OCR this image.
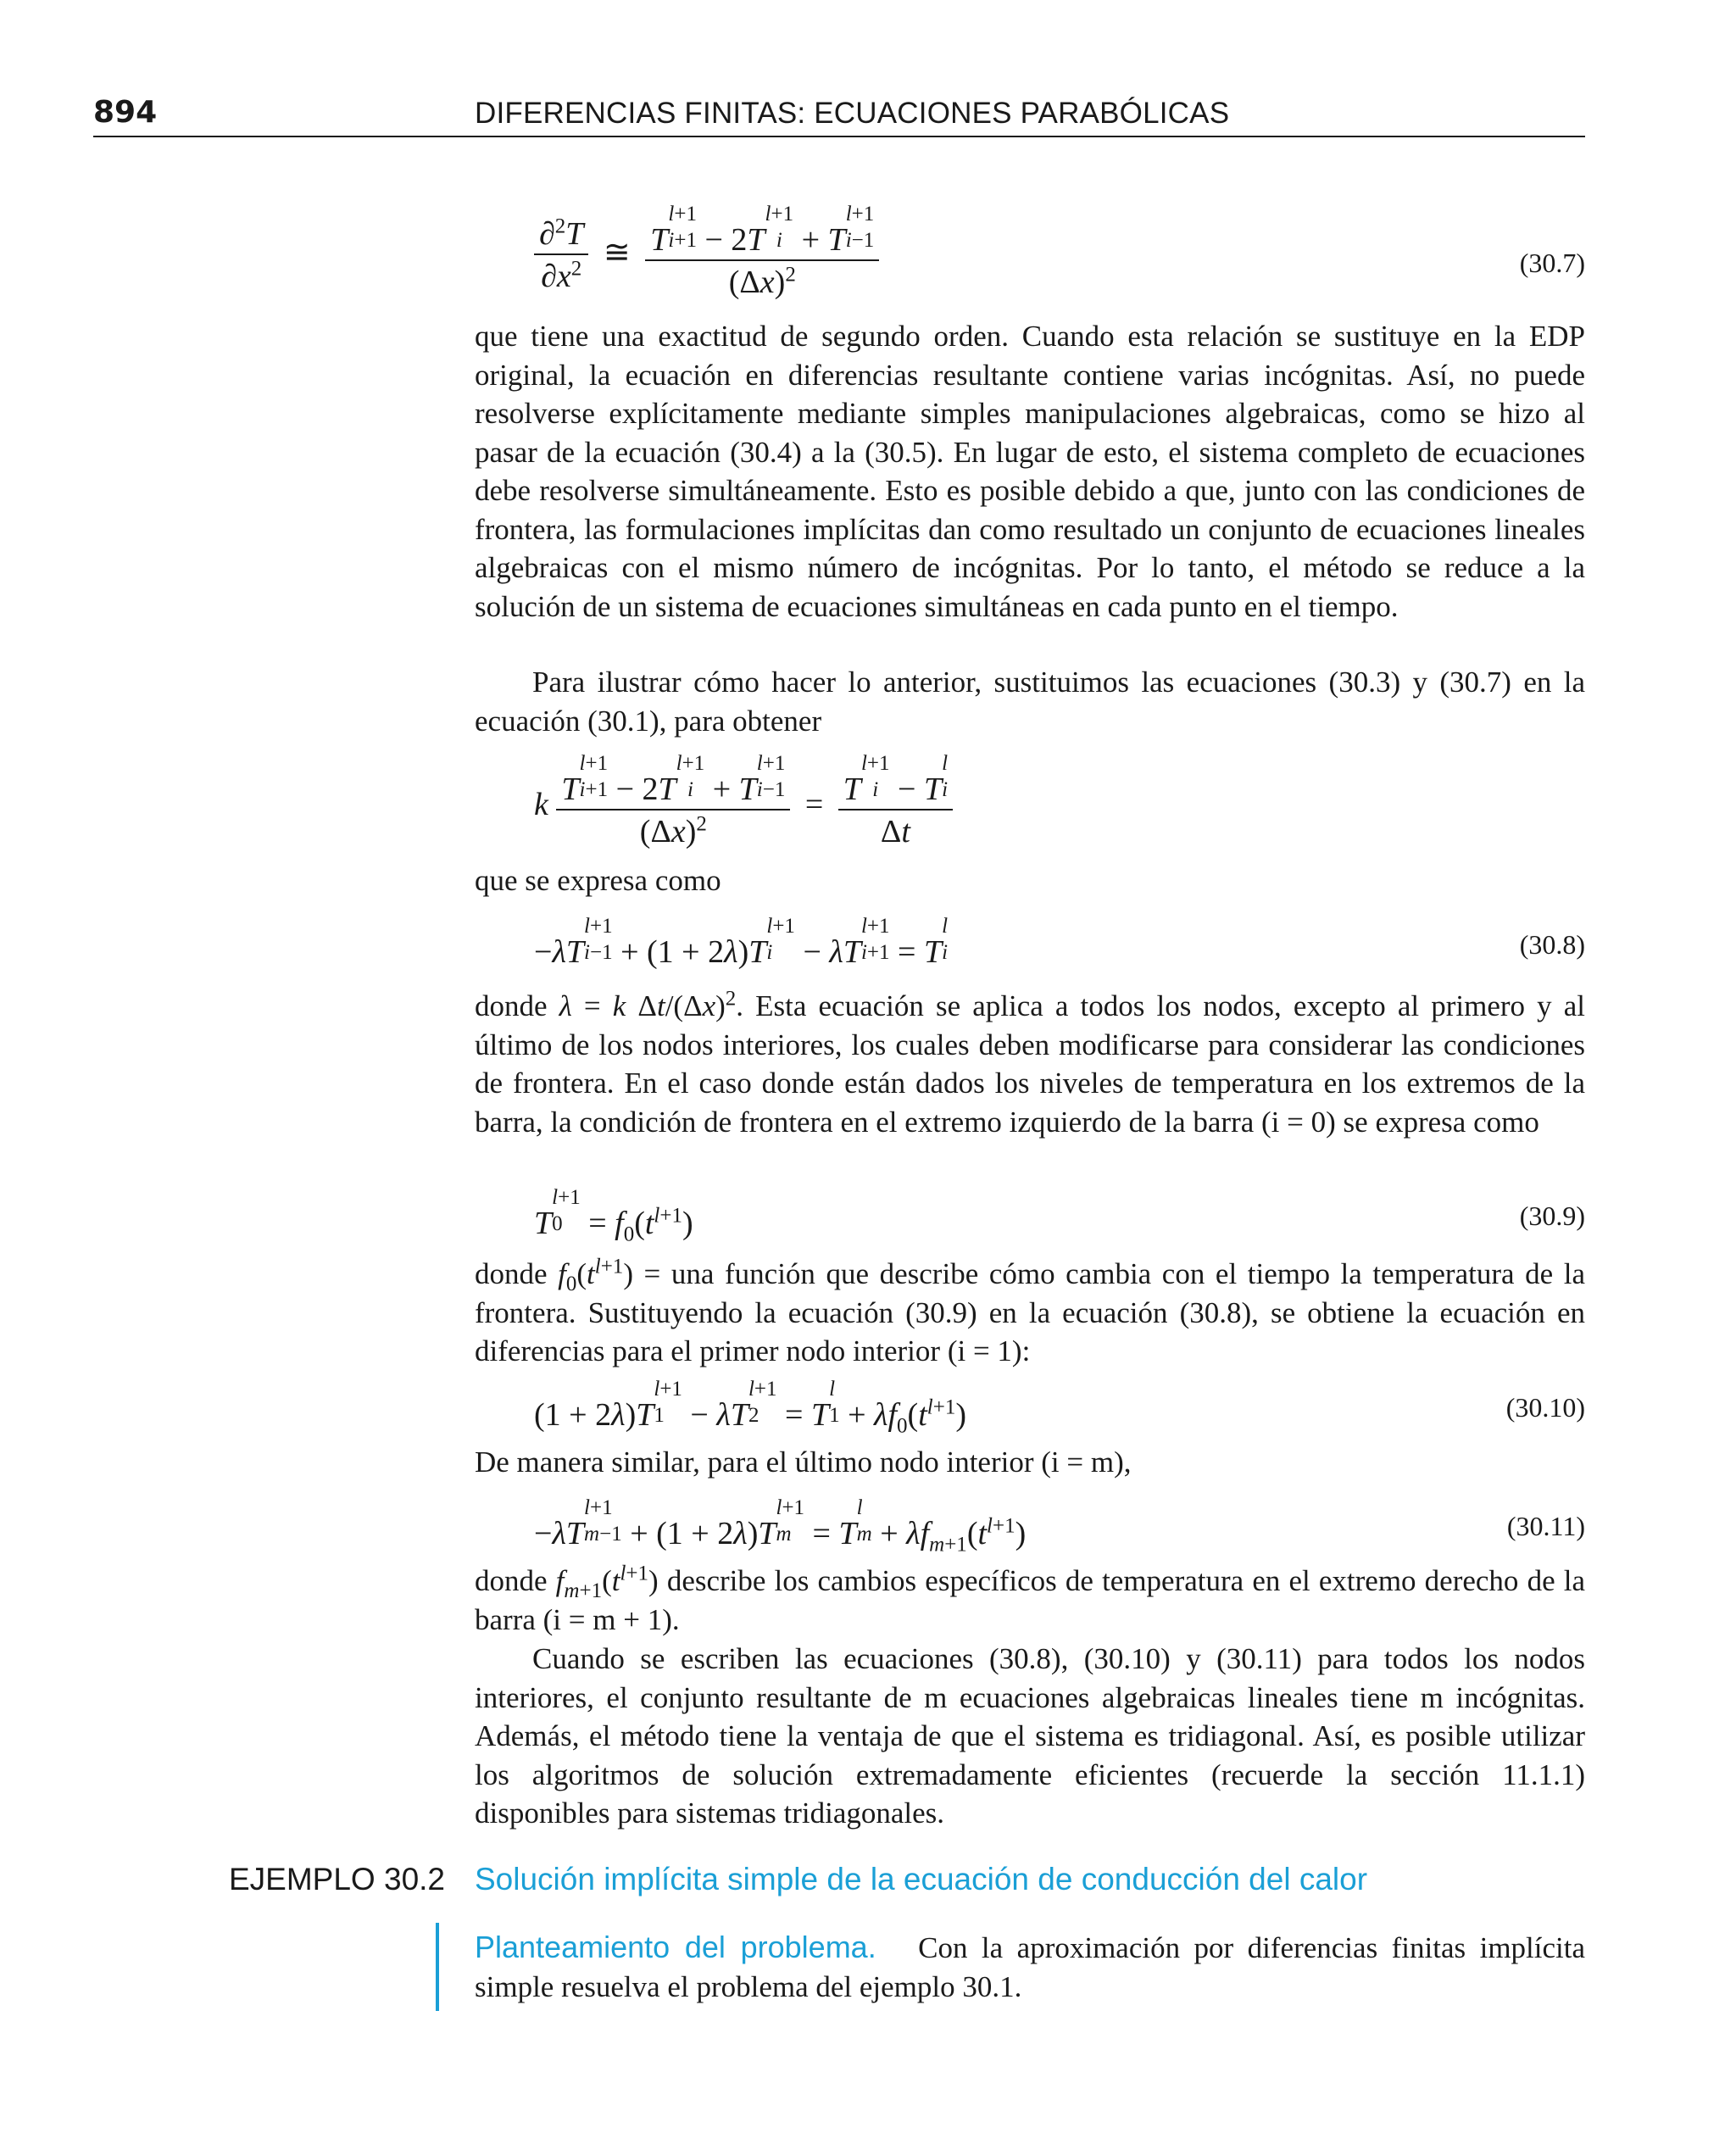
894	DIFERENCIAS FINITAS: ECUACIONES PARABÓLICAS
$\frac{\partial^2T}{\partial x^2}$ ≅ T
l+1
i+1 − 2T
l+1
i + T
l+1
i−1
$(\Delta x)^2$	(30.7)
que tiene una exactitud de segundo orden. Cuando esta relación se sustituye en la EDP original, la ecuación en diferencias resultante contiene varias incógnitas. Así, no puede resolverse explícitamente mediante simples manipulaciones algebraicas, como se hizo al pasar de la ecuación (30.4) a la (30.5). En lugar de esto, el sistema completo de ecuaciones debe resolverse simultáneamente. Esto es posible debido a que, junto con las condiciones de frontera, las formulaciones implícitas dan como resultado un conjunto de ecuaciones lineales algebraicas con el mismo número de incógnitas. Por lo tanto, el método se reduce a la solución de un sistema de ecuaciones simultáneas en cada punto en el tiempo.
Para ilustrar cómo hacer lo anterior, sustituimos las ecuaciones (30.3) y (30.7) en la ecuación (30.1), para obtener
k T
l+1
i+1 − 2T
l+1
i + T
l+1
i−1
$(\Delta x)^2 = T$
l+1
i − T
l
i
Δt
que se expresa como
−λT
l+1
i−1 + (1 + 2λ)T
l+1
i − λT
l+1
i+1 = T
l
i	(30.8)
donde λ = k $\Delta t/(\Delta x)^2$. Esta ecuación se aplica a todos los nodos, excepto al primero y al último de los nodos interiores, los cuales deben modificarse para considerar las condiciones de frontera. En el caso donde están dados los niveles de temperatura en los extremos de la barra, la condición de frontera en el extremo izquierdo de la barra (i = 0) se expresa como
T
l+1
$0 = f_0(t^{l+1})$	(30.9)
donde $f_0(t^{l+1})$ = una función que describe cómo cambia con el tiempo la temperatura de la frontera. Sustituyendo la ecuación (30.9) en la ecuación (30.8), se obtiene la ecuación en diferencias para el primer nodo interior (i = 1):
(1 + 2λ)T
l+1
1 − λT
l+1
2 = T
l
$1 + \lambda f_0(t^{l+1})$	(30.10)
De manera similar, para el último nodo interior (i = m),
−λT
l+1
m−1 + (1 + 2λ)T
l+1
m = T
l
$m + \lambda f_{m+1}(t^{l+1})$	(30.11)
donde $f_{m+1}(t^{l+1})$ describe los cambios específicos de temperatura en el extremo derecho de la barra (i = m + 1).
Cuando se escriben las ecuaciones (30.8), (30.10) y (30.11) para todos los nodos interiores, el conjunto resultante de m ecuaciones algebraicas lineales tiene m incógnitas. Además, el método tiene la ventaja de que el sistema es tridiagonal. Así, es posible utilizar los algoritmos de solución extremadamente eficientes (recuerde la sección 11.1.1) disponibles para sistemas tridiagonales.
EJEMPLO 30.2 Solución implícita simple de la ecuación de conducción del calor
Planteamiento del problema. Con la aproximación por diferencias finitas implícita simple resuelva el problema del ejemplo 30.1.
